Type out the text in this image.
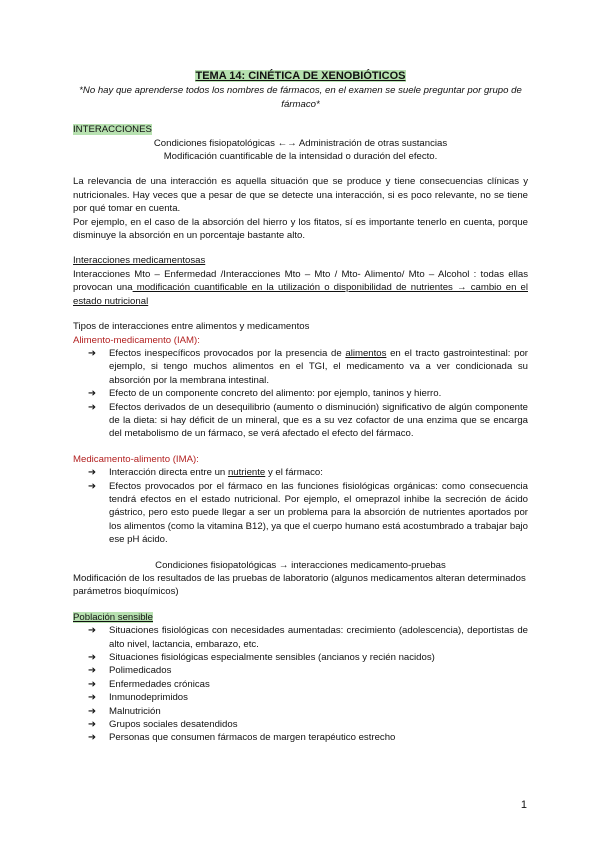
TEMA 14: CINÉTICA DE XENOBIÓTICOS

*No hay que aprenderse todos los nombres de fármacos, en el examen se suele preguntar por grupo de fármaco*

INTERACCIONES

Condiciones fisiopatológicas ←→ Administración de otras sustancias

Modificación cuantificable de la intensidad o duración del efecto.

La relevancia de una interacción es aquella situación que se produce y tiene consecuencias clínicas y nutricionales. Hay veces que a pesar de que se detecte una interacción, si es poco relevante, no se tiene por qué tomar en cuenta.

Por ejemplo, en el caso de la absorción del hierro y los fitatos, sí es importante tenerlo en cuenta, porque disminuye la absorción en un porcentaje bastante alto.

Interacciones medicamentosas

Interacciones Mto – Enfermedad /Interacciones Mto – Mto / Mto- Alimento/ Mto – Alcohol : todas ellas provocan una modificación cuantificable en la utilización o disponibilidad de nutrientes → cambio en el estado nutricional

Tipos de interacciones entre alimentos y medicamentos

Alimento-medicamento (IAM):

➔ Efectos inespecíficos provocados por la presencia de alimentos en el tracto gastrointestinal: por ejemplo, si tengo muchos alimentos en el TGI, el medicamento va a ver condicionada su absorción por la membrana intestinal.
➔ Efecto de un componente concreto del alimento: por ejemplo, taninos y hierro.
➔ Efectos derivados de un desequilibrio (aumento o disminución) significativo de algún componente de la dieta: si hay déficit de un mineral, que es a su vez cofactor de una enzima que se encarga del metabolismo de un fármaco, se verá afectado el efecto del fármaco.

Medicamento-alimento (IMA):

➔ Interacción directa entre un nutriente y el fármaco:
➔ Efectos provocados por el fármaco en las funciones fisiológicas orgánicas: como consecuencia tendrá efectos en el estado nutricional. Por ejemplo, el omeprazol inhibe la secreción de ácido gástrico, pero esto puede llegar a ser un problema para la absorción de nutrientes aportados por los alimentos (como la vitamina B12), ya que el cuerpo humano está acostumbrado a trabajar bajo ese pH ácido.

Condiciones fisiopatológicas → interacciones medicamento-pruebas

Modificación de los resultados de las pruebas de laboratorio (algunos medicamentos alteran determinados parámetros bioquímicos)

Población sensible

➔ Situaciones fisiológicas con necesidades aumentadas: crecimiento (adolescencia), deportistas de alto nivel, lactancia, embarazo, etc.
➔ Situaciones fisiológicas especialmente sensibles (ancianos y recién nacidos)
➔ Polimedicados
➔ Enfermedades crónicas
➔ Inmunodeprimidos
➔ Malnutrición
➔ Grupos sociales desatendidos
➔ Personas que consumen fármacos de margen terapéutico estrecho
1
